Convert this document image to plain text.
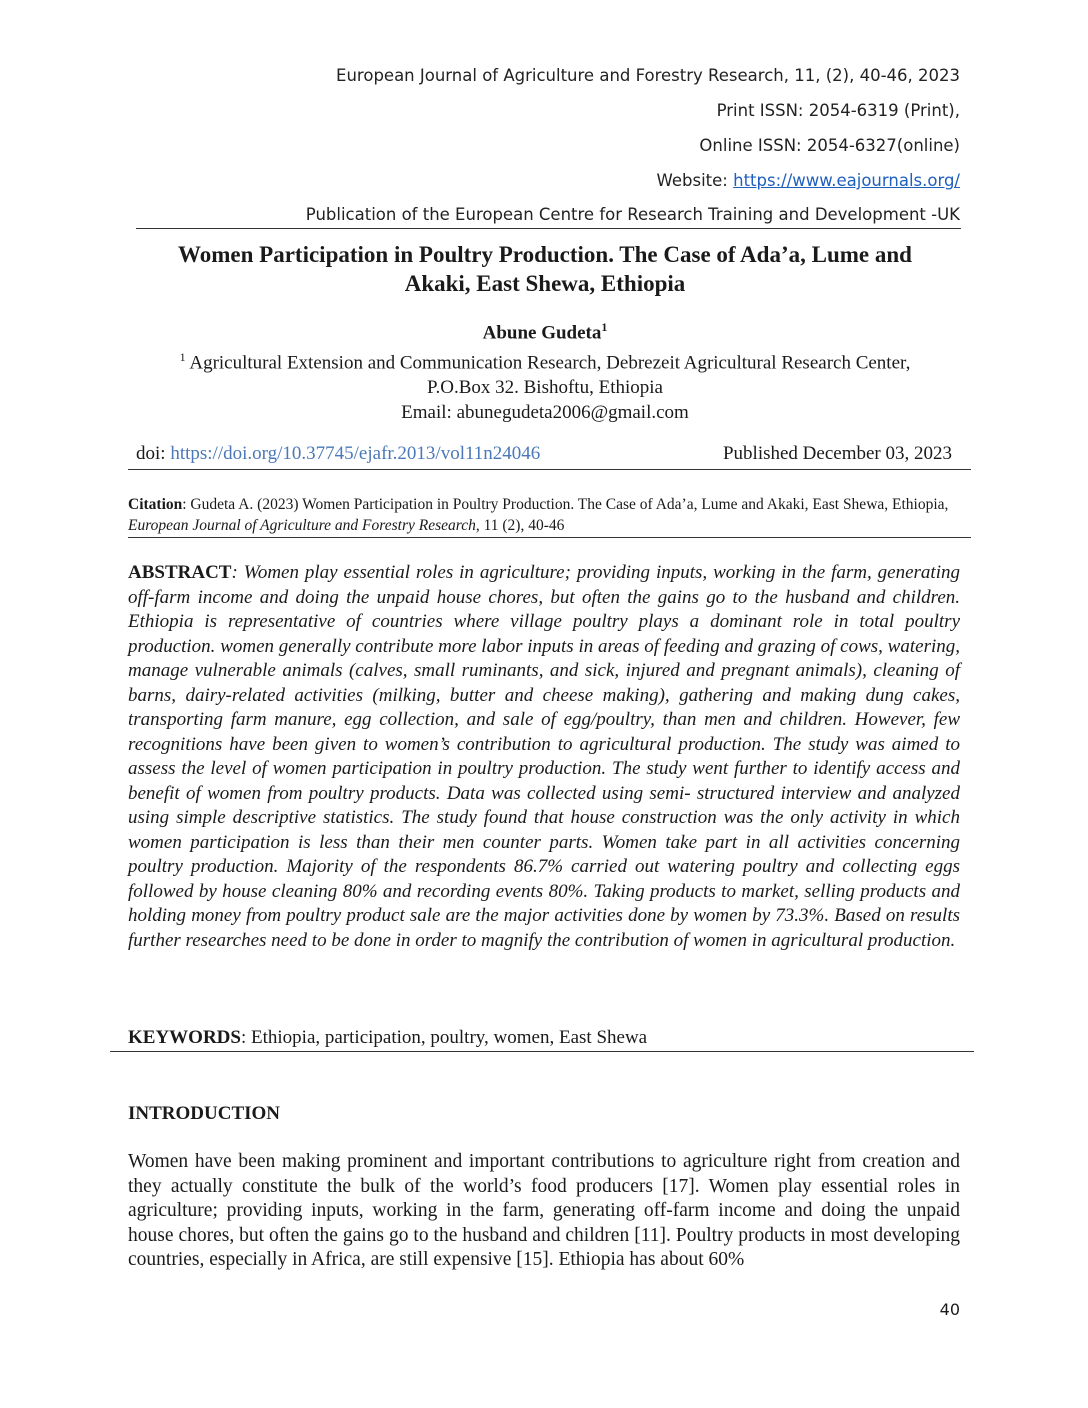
European Journal of Agriculture and Forestry Research, 11, (2), 40-46, 2023
Print ISSN: 2054-6319 (Print),
Online ISSN: 2054-6327(online)
Website: https://www.eajournals.org/
Publication of the European Centre for Research Training and Development -UK
Women Participation in Poultry Production. The Case of Ada’a, Lume and
Akaki, East Shewa, Ethiopia
Abune Gudeta$^1$
$^1$ Agricultural Extension and Communication Research, Debrezeit Agricultural Research Center,
P.O.Box 32. Bishoftu, Ethiopia
Email: abunegudeta2006@gmail.com
doi: https://doi.org/10.37745/ejafr.2013/vol11n24046	Published December 03, 2023
Citation: Gudeta A. (2023) Women Participation in Poultry Production. The Case of Ada’a, Lume and Akaki, East Shewa, Ethiopia, European Journal of Agriculture and Forestry Research, 11 (2), 40-46
ABSTRACT: Women play essential roles in agriculture; providing inputs, working in the farm, generating off-farm income and doing the unpaid house chores, but often the gains go to the husband and children. Ethiopia is representative of countries where village poultry plays a dominant role in total poultry production. women generally contribute more labor inputs in areas of feeding and grazing of cows, watering, manage vulnerable animals (calves, small ruminants, and sick, injured and pregnant animals), cleaning of barns, dairy-related activities (milking, butter and cheese making), gathering and making dung cakes, transporting farm manure, egg collection, and sale of egg/poultry, than men and children. However, few recognitions have been given to women’s contribution to agricultural production. The study was aimed to assess the level of women participation in poultry production. The study went further to identify access and benefit of women from poultry products. Data was collected using semi- structured interview and analyzed using simple descriptive statistics. The study found that house construction was the only activity in which women participation is less than their men counter parts. Women take part in all activities concerning poultry production. Majority of the respondents 86.7% carried out watering poultry and collecting eggs followed by house cleaning 80% and recording events 80%. Taking products to market, selling products and holding money from poultry product sale are the major activities done by women by 73.3%. Based on results further researches need to be done in order to magnify the contribution of women in agricultural production.
KEYWORDS: Ethiopia, participation, poultry, women, East Shewa
INTRODUCTION
Women have been making prominent and important contributions to agriculture right from creation and they actually constitute the bulk of the world’s food producers [17]. Women play essential roles in agriculture; providing inputs, working in the farm, generating off-farm income and doing the unpaid house chores, but often the gains go to the husband and children [11]. Poultry products in most developing countries, especially in Africa, are still expensive [15]. Ethiopia has about 60%
40
